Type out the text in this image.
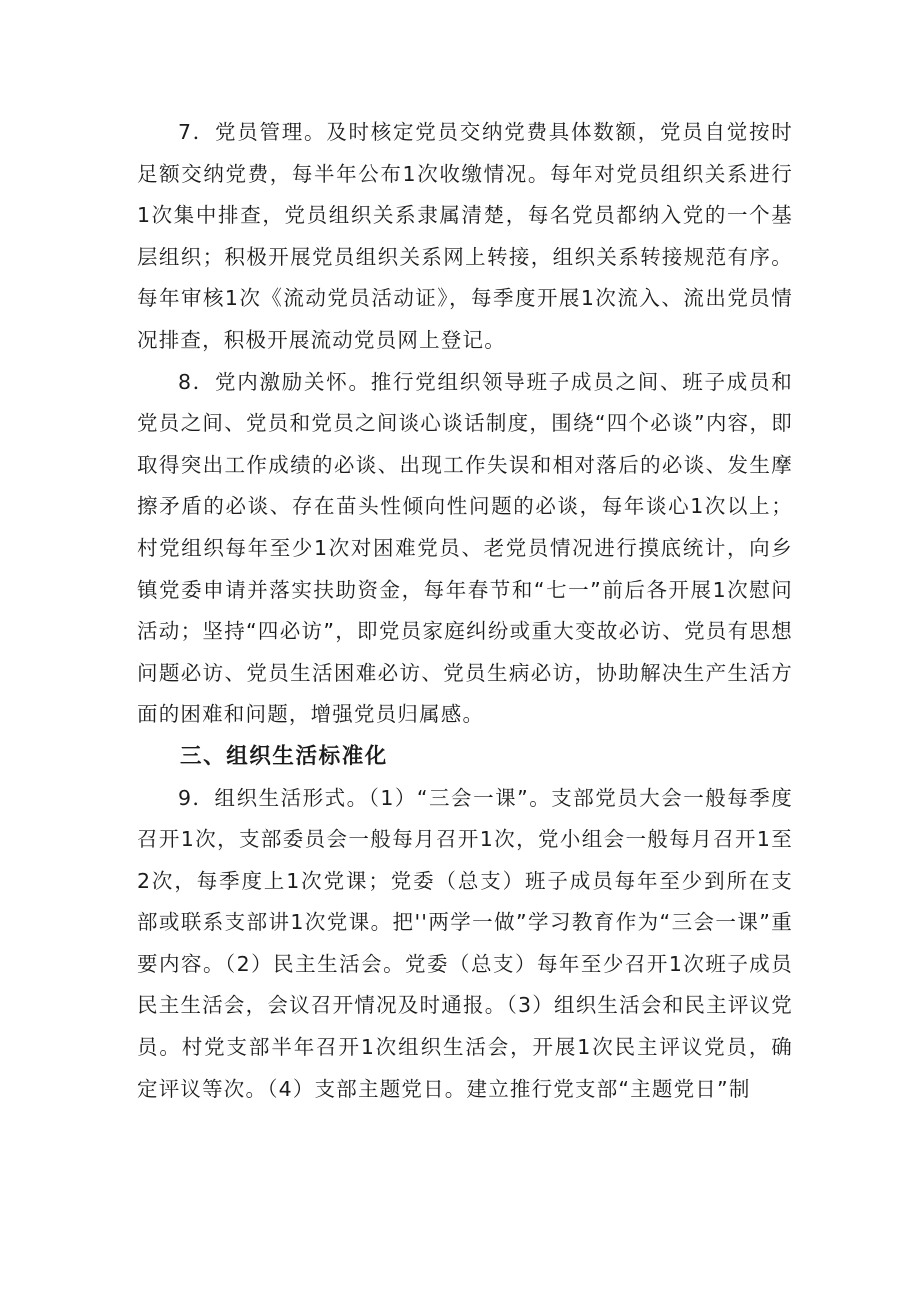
7．党员管理。及时核定党员交纳党费具体数额，党员自觉按时足额交纳党费，每半年公布1次收缴情况。每年对党员组织关系进行1次集中排查，党员组织关系隶属清楚，每名党员都纳入党的一个基层组织；积极开展党员组织关系网上转接，组织关系转接规范有序。每年审核1次《流动党员活动证》，每季度开展1次流入、流出党员情况排查，积极开展流动党员网上登记。

8．党内激励关怀。推行党组织领导班子成员之间、班子成员和党员之间、党员和党员之间谈心谈话制度，围绕“四个必谈”内容，即取得突出工作成绩的必谈、出现工作失误和相对落后的必谈、发生摩擦矛盾的必谈、存在苗头性倾向性问题的必谈，每年谈心1次以上；村党组织每年至少1次对困难党员、老党员情况进行摸底统计，向乡镇党委申请并落实扶助资金，每年春节和“七一”前后各开展1次慰问活动；坚持“四必访”，即党员家庭纠纷或重大变故必访、党员有思想问题必访、党员生活困难必访、党员生病必访，协助解决生产生活方面的困难和问题，增强党员归属感。

三、组织生活标准化

9．组织生活形式。（1）“三会一课”。支部党员大会一般每季度召开1次，支部委员会一般每月召开1次，党小组会一般每月召开1至2次，每季度上1次党课；党委（总支）班子成员每年至少到所在支部或联系支部讲1次党课。把''两学一做”学习教育作为“三会一课”重要内容。（2）民主生活会。党委（总支）每年至少召开1次班子成员民主生活会，会议召开情况及时通报。（3）组织生活会和民主评议党员。村党支部半年召开1次组织生活会，开展1次民主评议党员，确定评议等次。（4）支部主题党日。建立推行党支部“主题党日”制
